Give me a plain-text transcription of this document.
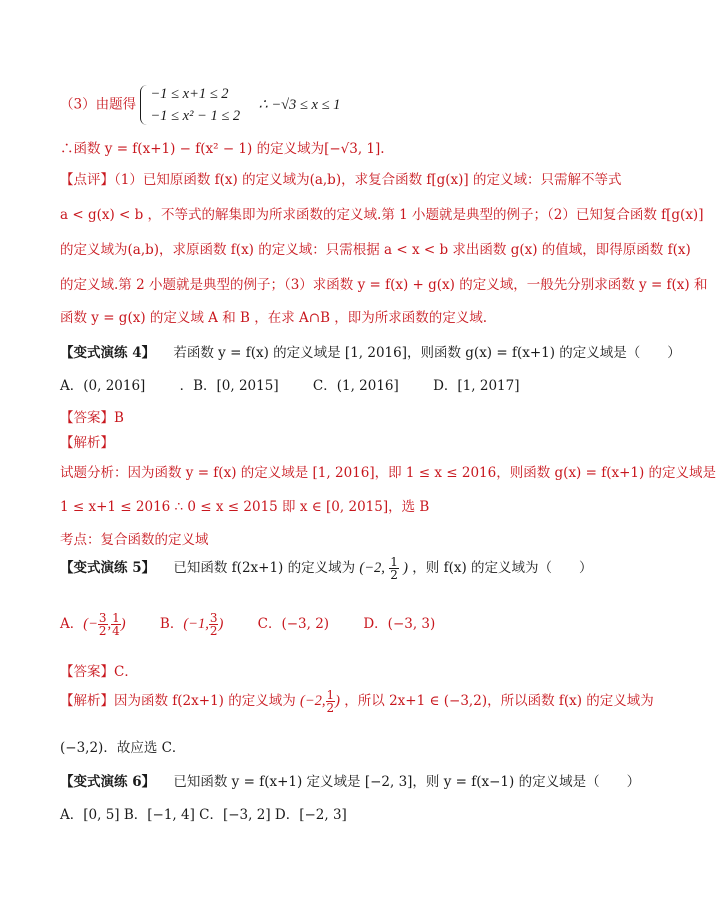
（3）由题得
−1 ≤ x+1 ≤ 2
−1 ≤ x² − 1 ≤ 2
∴ −√3 ≤ x ≤ 1
∴函数 y = f(x+1) − f(x² − 1) 的定义域为[−√3, 1].
【点评】（1）已知原函数 f(x) 的定义域为(a,b)，求复合函数 f[g(x)] 的定义域：只需解不等式
a < g(x) < b ，不等式的解集即为所求函数的定义域.第 1 小题就是典型的例子；（2）已知复合函数 f[g(x)]
的定义域为(a,b)，求原函数 f(x) 的定义域：只需根据 a < x < b 求出函数 g(x) 的值域，即得原函数 f(x)
的定义域.第 2 小题就是典型的例子；（3）求函数 y = f(x) + g(x) 的定义域，一般先分别求函数 y = f(x) 和
函数 y = g(x) 的定义域 A 和 B ，在求 A∩B ，即为所求函数的定义域.
【变式演练 4】 若函数 y = f(x) 的定义域是 [1, 2016]，则函数 g(x) = f(x+1) 的定义域是（　　）
A．(0, 2016]	．B．[0, 2015]	C．(1, 2016]	D．[1, 2017]
【答案】B
【解析】
试题分析：因为函数 y = f(x) 的定义域是 [1, 2016]，即 1 ≤ x ≤ 2016，则函数 g(x) = f(x+1) 的定义域是
1 ≤ x+1 ≤ 2016 ∴ 0 ≤ x ≤ 2015 即 x ∈ [0, 2015]，选 B
考点：复合函数的定义域
【变式演练 5】 已知函数 f(2x+1) 的定义域为 (−2, $\frac{1}{2}$ ) ，则 f(x) 的定义域为（　　）
A．(− $\frac{3}{2}$ , $\frac{1}{4}$ )	B．(−1, $\frac{3}{2}$ )	C．(−3, 2)	D．(−3, 3)
【答案】C．
【解析】因为函数 f(2x+1) 的定义域为 (−2, $\frac{1}{2}$ ) ，所以 2x+1 ∈ (−3,2)，所以函数 f(x) 的定义域为
(−3,2)．故应选 C．
【变式演练 6】 已知函数 y = f(x+1) 定义域是 [−2, 3]，则 y = f(x−1) 的定义域是（　　）
A．[0, 5] B．[−1, 4] C．[−3, 2] D．[−2, 3]
